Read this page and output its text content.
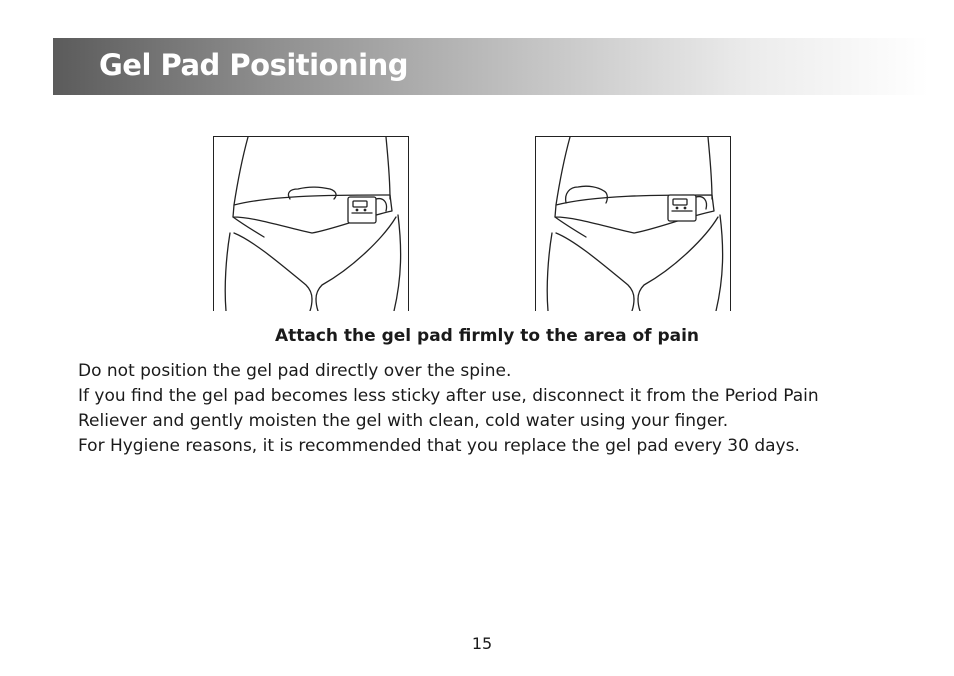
Gel Pad Positioning

Attach the gel pad firmly to the area of pain

Do not position the gel pad directly over the spine.

If you find the gel pad becomes less sticky after use, disconnect it from the Period Pain

Reliever and gently moisten the gel with clean, cold water using your finger.

For Hygiene reasons, it is recommended that you replace the gel pad every 30 days.

15
